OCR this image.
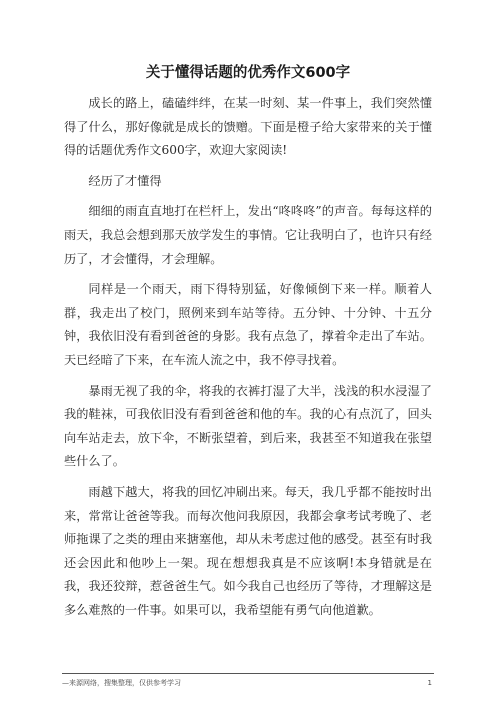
关于懂得话题的优秀作文600字

成长的路上，磕磕绊绊，在某一时刻、某一件事上，我们突然懂得了什么，那好像就是成长的馈赠。下面是橙子给大家带来的关于懂得的话题优秀作文600字，欢迎大家阅读!

经历了才懂得

细细的雨直直地打在栏杆上，发出“咚咚咚”的声音。每每这样的雨天，我总会想到那天放学发生的事情。它让我明白了，也许只有经历了，才会懂得，才会理解。

同样是一个雨天，雨下得特别猛，好像倾倒下来一样。顺着人群，我走出了校门，照例来到车站等待。五分钟、十分钟、十五分钟，我依旧没有看到爸爸的身影。我有点急了，撑着伞走出了车站。天已经暗了下来，在车流人流之中，我不停寻找着。

暴雨无视了我的伞，将我的衣裤打湿了大半，浅浅的积水浸湿了我的鞋袜，可我依旧没有看到爸爸和他的车。我的心有点沉了，回头向车站走去，放下伞，不断张望着，到后来，我甚至不知道我在张望些什么了。

雨越下越大，将我的回忆冲刷出来。每天，我几乎都不能按时出来，常常让爸爸等我。而每次他问我原因，我都会拿考试考晚了、老师拖课了之类的理由来搪塞他，却从未考虑过他的感受。甚至有时我还会因此和他吵上一架。现在想想我真是不应该啊!本身错就是在我，我还狡辩，惹爸爸生气。如今我自己也经历了等待，才理解这是多么难熬的一件事。如果可以，我希望能有勇气向他道歉。

—来源网络，搜集整理，仅供参考学习	1
